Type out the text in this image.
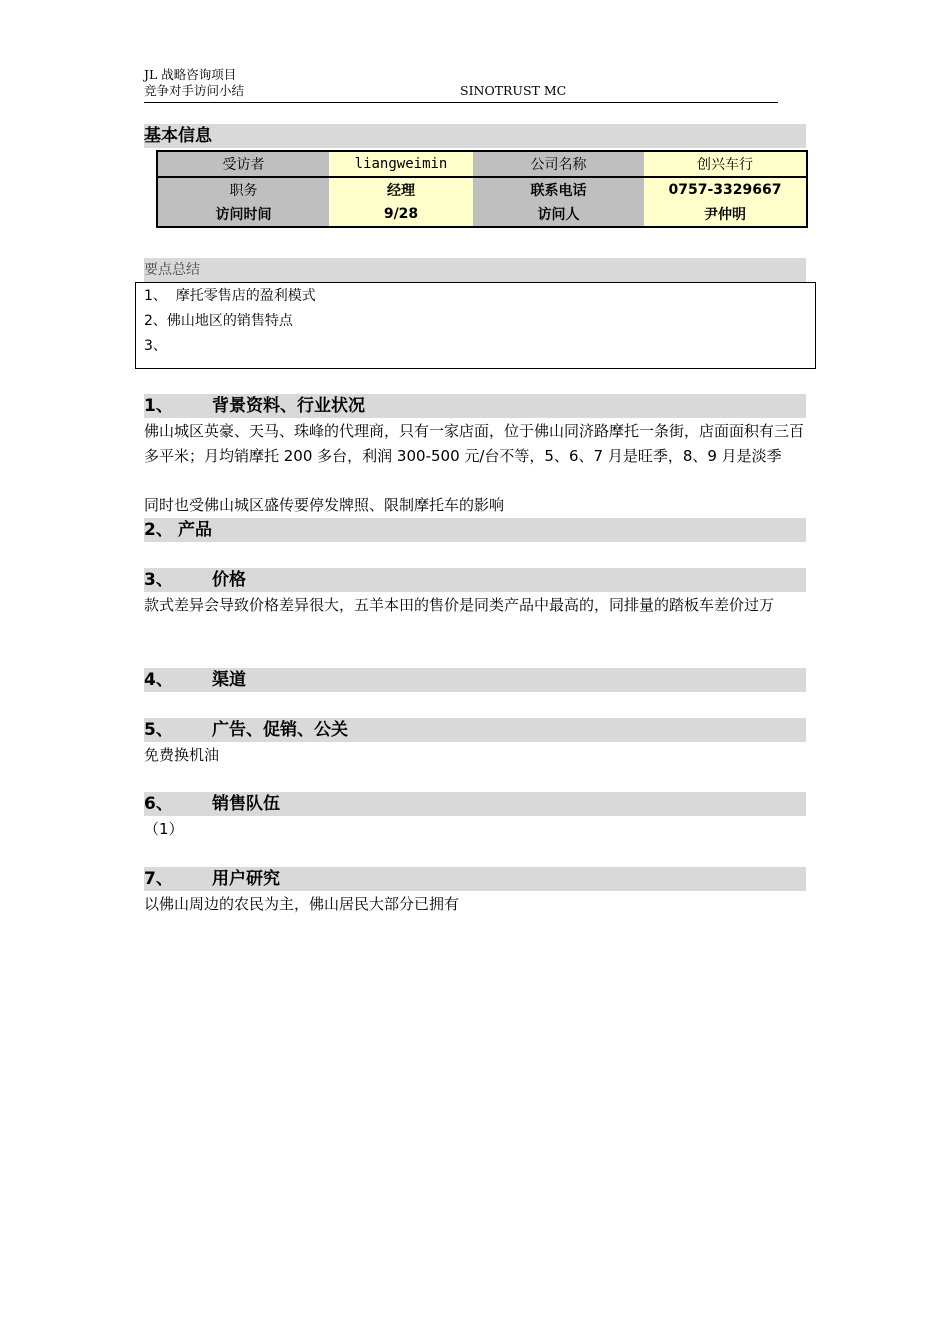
JL 战略咨询项目
竞争对手访问小结	SINOTRUST MC
基本信息
受访者	liangweimin	公司名称	创兴车行
职务	经理	联系电话	0757-3329667
访问时间	9/28	访问人	尹仲明
要点总结
1、  摩托零售店的盈利模式
2、佛山地区的销售特点
3、
1、 背景资料、行业状况
佛山城区英豪、天马、珠峰的代理商，只有一家店面，位于佛山同济路摩托一条街，店面面积有三百多平米；月均销摩托 200 多台，利润 300-500 元/台不等，5、6、7 月是旺季，8、9 月是淡季
同时也受佛山城区盛传要停发牌照、限制摩托车的影响
2、 产品
3、 价格
款式差异会导致价格差异很大，五羊本田的售价是同类产品中最高的，同排量的踏板车差价过万
4、 渠道
5、 广告、促销、公关
免费换机油
6、 销售队伍
（1）
7、 用户研究
以佛山周边的农民为主，佛山居民大部分已拥有
